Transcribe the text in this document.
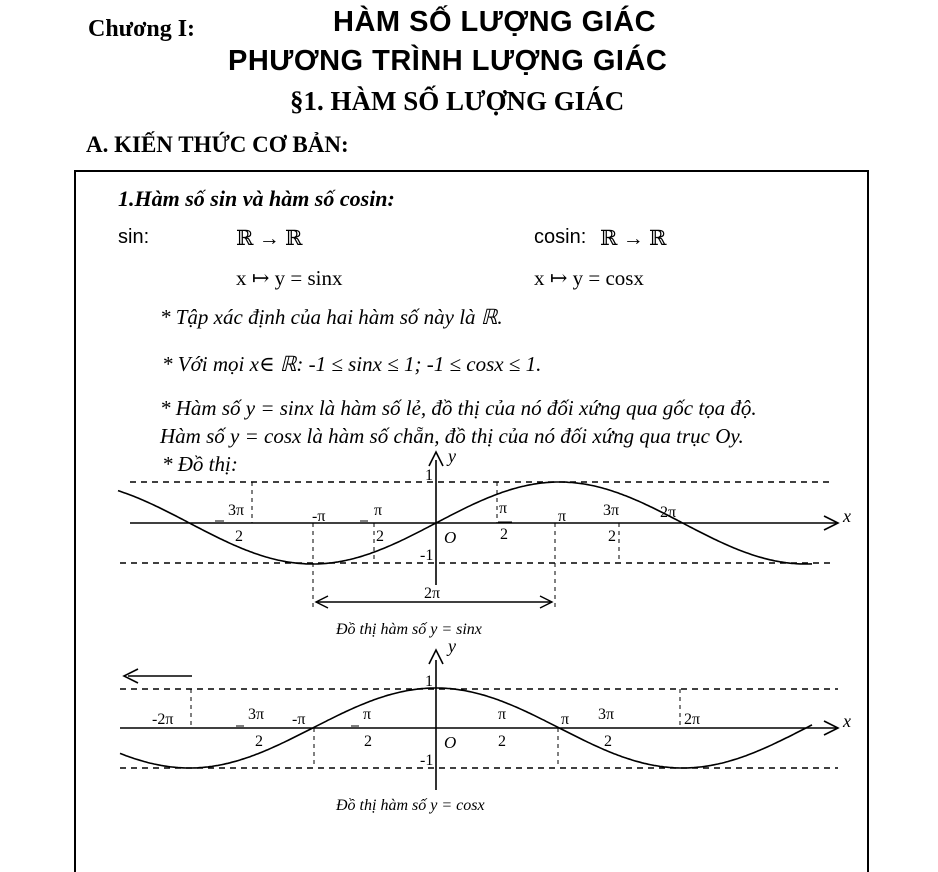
Chương I:	HÀM SỐ LƯỢNG GIÁC
PHƯƠNG TRÌNH LƯỢNG GIÁC
§1. HÀM SỐ LƯỢNG GIÁC
A. KIẾN THỨC CƠ BẢN:
1.Hàm số sin và hàm số cosin:
sin:	ℝ → ℝ
x ↦ y = sinx
cosin: ℝ → ℝ
x ↦ y = cosx
* Tập xác định của hai hàm số này là ℝ.
* Với mọi x∈ ℝ: -1 ≤ sinx ≤ 1; -1 ≤ cosx ≤ 1.
* Hàm số y = sinx là hàm số lẻ, đồ thị của nó đối xứng qua gốc tọa độ.
Hàm số y = cosx là hàm số chẵn, đồ thị của nó đối xứng qua trục Oy.
* Đồ thị:	y
x
O
1
-1
3π
2
-π	π
2
π
2
π 3π
2
2π
2π
Đồ thị hàm số y = sinx
y
x
O
1
-1
-2π	3π
2
-π	π
2
π
2
π 3π
2
2π
Đồ thị hàm số y = cosx
